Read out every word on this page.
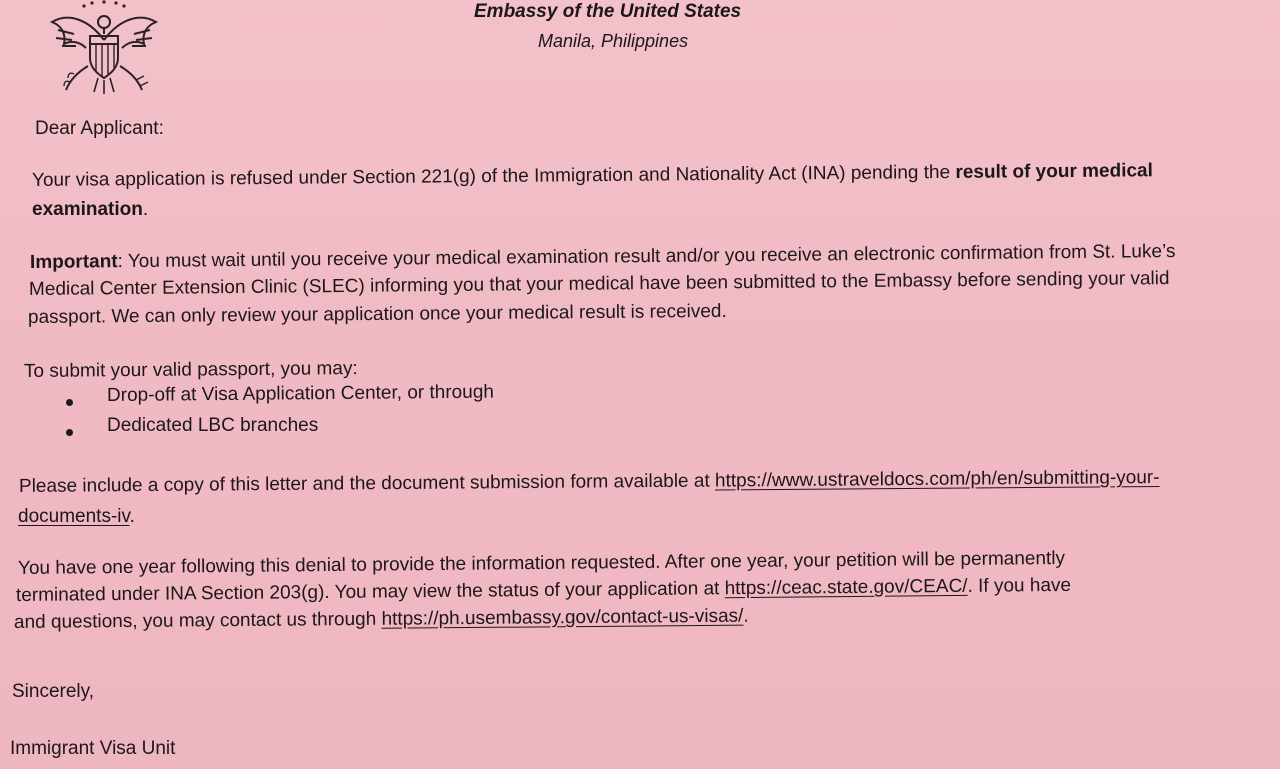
Embassy of the United States
Manila, Philippines
Dear Applicant:
Your visa application is refused under Section 221(g) of the Immigration and Nationality Act (INA) pending the result of your medical
examination.
Important: You must wait until you receive your medical examination result and/or you receive an electronic confirmation from St. Luke’s
Medical Center Extension Clinic (SLEC) informing you that your medical have been submitted to the Embassy before sending your valid
passport. We can only review your application once your medical result is received.
To submit your valid passport, you may:
Drop-off at Visa Application Center, or through
Dedicated LBC branches
Please include a copy of this letter and the document submission form available at https://www.ustraveldocs.com/ph/en/submitting-your-
documents-iv.
You have one year following this denial to provide the information requested. After one year, your petition will be permanently
terminated under INA Section 203(g). You may view the status of your application at https://ceac.state.gov/CEAC/. If you have
and questions, you may contact us through https://ph.usembassy.gov/contact-us-visas/.
Sincerely,
Immigrant Visa Unit
